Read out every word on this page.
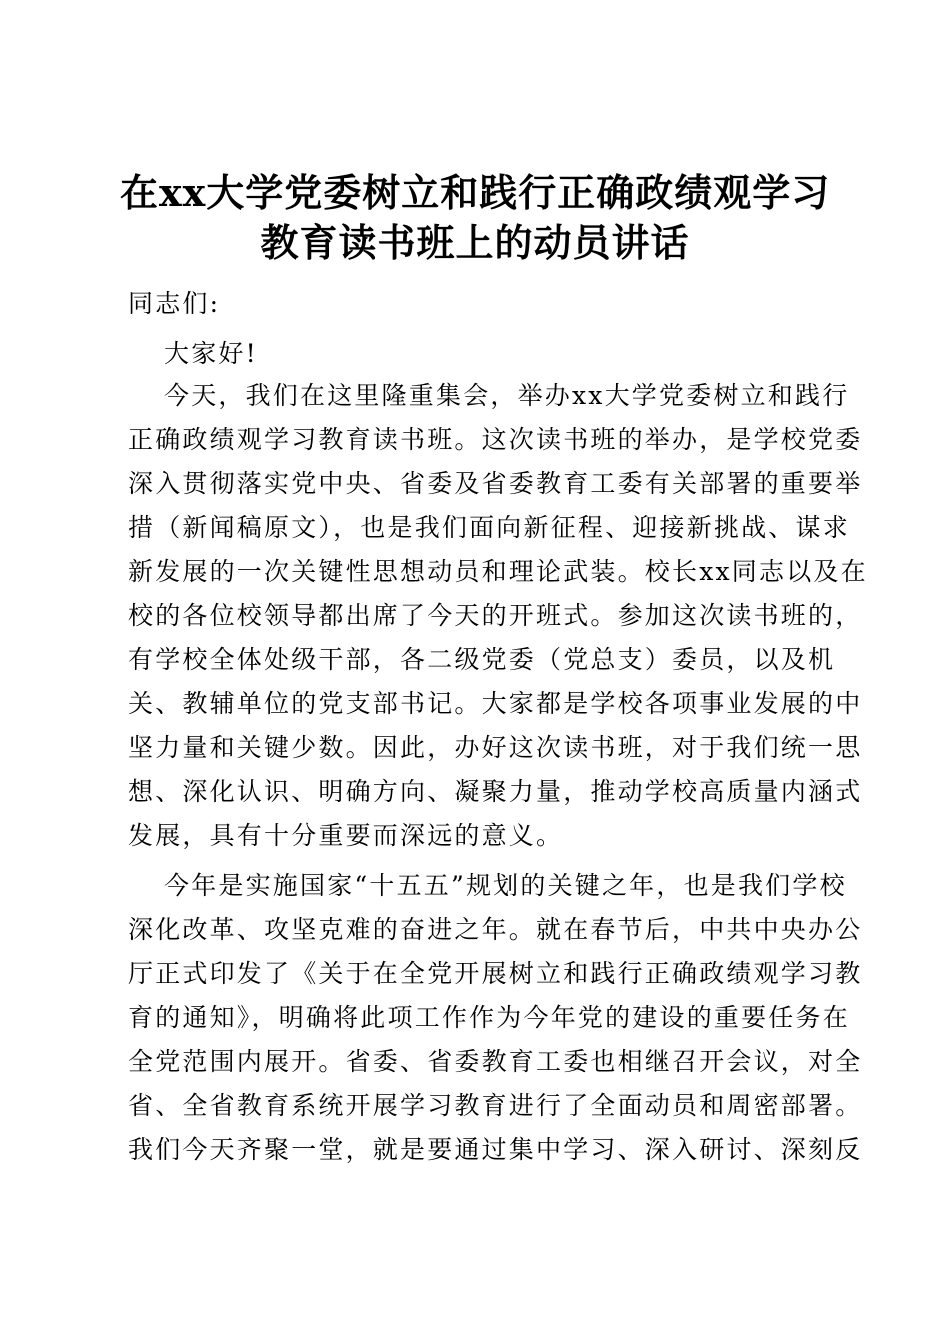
在xx大学党委树立和践行正确政绩观学习
教育读书班上的动员讲话
同志们:
大家好!
今天，我们在这里隆重集会，举办xx大学党委树立和践行
正确政绩观学习教育读书班。这次读书班的举办，是学校党委
深入贯彻落实党中央、省委及省委教育工委有关部署的重要举
措（新闻稿原文），也是我们面向新征程、迎接新挑战、谋求
新发展的一次关键性思想动员和理论武装。校长xx同志以及在
校的各位校领导都出席了今天的开班式。参加这次读书班的，
有学校全体处级干部，各二级党委（党总支）委员，以及机
关、教辅单位的党支部书记。大家都是学校各项事业发展的中
坚力量和关键少数。因此，办好这次读书班，对于我们统一思
想、深化认识、明确方向、凝聚力量，推动学校高质量内涵式
发展，具有十分重要而深远的意义。
今年是实施国家“十五五”规划的关键之年，也是我们学校
深化改革、攻坚克难的奋进之年。就在春节后，中共中央办公
厅正式印发了《关于在全党开展树立和践行正确政绩观学习教
育的通知》，明确将此项工作作为今年党的建设的重要任务在
全党范围内展开。省委、省委教育工委也相继召开会议，对全
省、全省教育系统开展学习教育进行了全面动员和周密部署。
我们今天齐聚一堂，就是要通过集中学习、深入研讨、深刻反
